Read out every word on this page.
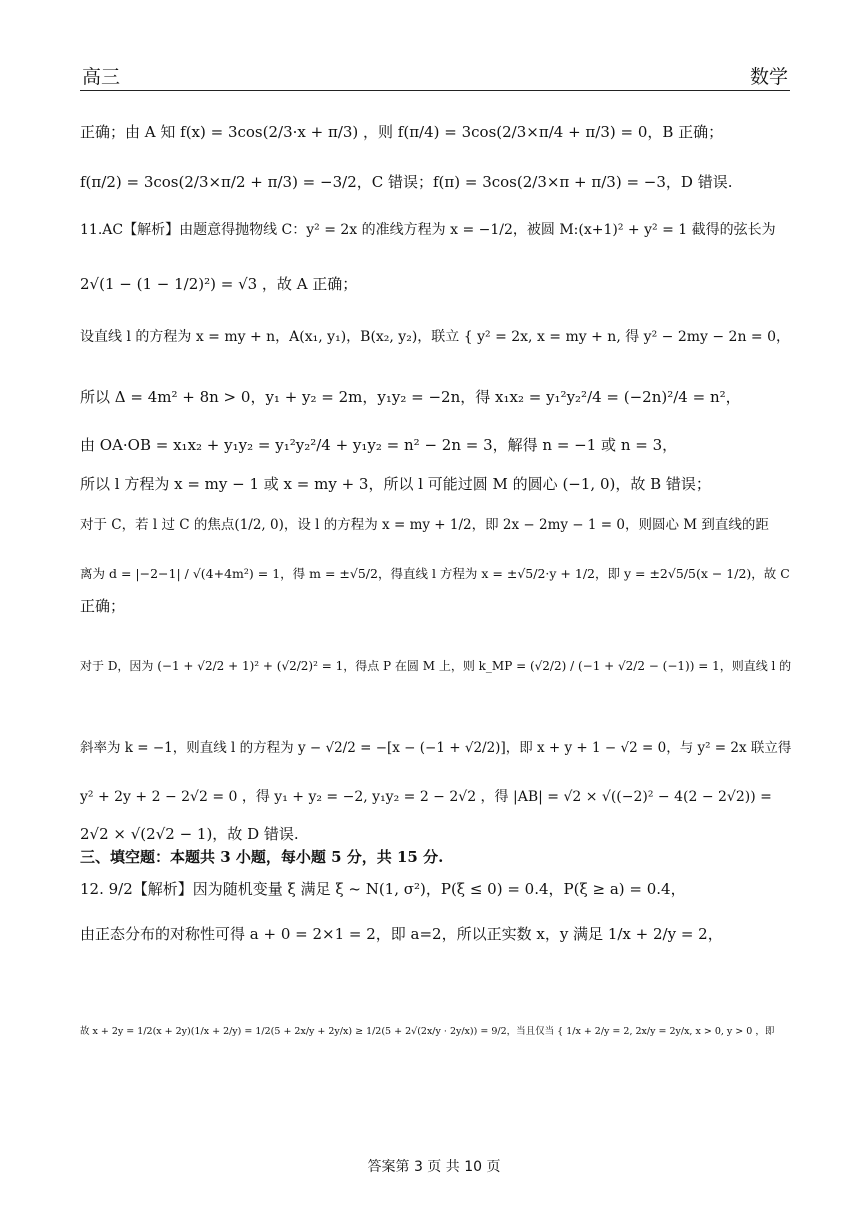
高三	数学
正确；由 A 知 f(x) = 3cos(2/3·x + π/3) ，则 f(π/4) = 3cos(2/3×π/4 + π/3) = 0，B 正确；
f(π/2) = 3cos(2/3×π/2 + π/3) = −3/2，C 错误；f(π) = 3cos(2/3×π + π/3) = −3，D 错误.
11.AC【解析】由题意得抛物线 C：y² = 2x 的准线方程为 x = −1/2，被圆 M:(x+1)² + y² = 1 截得的弦长为
2√(1 − (1 − 1/2)²) = √3 ，故 A 正确；
设直线 l 的方程为 x = my + n，A(x₁, y₁)，B(x₂, y₂)，联立 { y² = 2x, x = my + n, 得 y² − 2my − 2n = 0，
所以 Δ = 4m² + 8n > 0，y₁ + y₂ = 2m，y₁y₂ = −2n，得 x₁x₂ = y₁²y₂²/4 = (−2n)²/4 = n²，
由 OA·OB = x₁x₂ + y₁y₂ = y₁²y₂²/4 + y₁y₂ = n² − 2n = 3，解得 n = −1 或 n = 3，
所以 l 方程为 x = my − 1 或 x = my + 3，所以 l 可能过圆 M 的圆心 (−1, 0)，故 B 错误；
对于 C，若 l 过 C 的焦点(1/2, 0)，设 l 的方程为 x = my + 1/2，即 2x − 2my − 1 = 0，则圆心 M 到直线的距
离为 d = |−2−1| / √(4+4m²) = 1，得 m = ±√5/2，得直线 l 方程为 x = ±√5/2·y + 1/2，即 y = ±2√5/5(x − 1/2)，故 C
正确；
对于 D，因为 (−1 + √2/2 + 1)² + (√2/2)² = 1，得点 P 在圆 M 上，则 k_MP = (√2/2) / (−1 + √2/2 − (−1)) = 1，则直线 l 的
斜率为 k = −1，则直线 l 的方程为 y − √2/2 = −[x − (−1 + √2/2)]，即 x + y + 1 − √2 = 0，与 y² = 2x 联立得
y² + 2y + 2 − 2√2 = 0 ，得 y₁ + y₂ = −2, y₁y₂ = 2 − 2√2 ，得 |AB| = √2 × √((−2)² − 4(2 − 2√2)) =
2√2 × √(2√2 − 1)，故 D 错误.
三、填空题：本题共 3 小题，每小题 5 分，共 15 分.
12. 9/2【解析】因为随机变量 ξ 满足 ξ ~ N(1, σ²)，P(ξ ≤ 0) = 0.4，P(ξ ≥ a) = 0.4，
由正态分布的对称性可得 a + 0 = 2×1 = 2，即 a=2，所以正实数 x，y 满足 1/x + 2/y = 2，
故 x + 2y = 1/2(x + 2y)(1/x + 2/y) = 1/2(5 + 2x/y + 2y/x) ≥ 1/2(5 + 2√(2x/y · 2y/x)) = 9/2，当且仅当 { 1/x + 2/y = 2, 2x/y = 2y/x, x > 0, y > 0 ，即
答案第 3 页 共 10 页
